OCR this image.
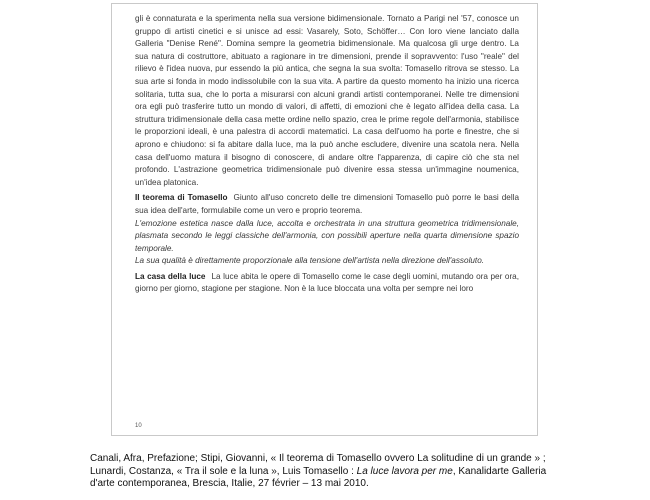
gli è connaturata e la sperimenta nella sua versione bidimensionale. Tornato a Parigi nel '57, conosce un gruppo di artisti cinetici e si unisce ad essi: Vasarely, Soto, Schöffer… Con loro viene lanciato dalla Galleria "Denise René". Domina sempre la geometria bidimensionale. Ma qualcosa gli urge dentro. La sua natura di costruttore, abituato a ragionare in tre dimensioni, prende il sopravvento: l'uso "reale" del rilievo è l'idea nuova, pur essendo la più antica, che segna la sua svolta: Tomasello ritrova se stesso. La sua arte si fonda in modo indissolubile con la sua vita. A partire da questo momento ha inizio una ricerca solitaria, tutta sua, che lo porta a misurarsi con alcuni grandi artisti contemporanei. Nelle tre dimensioni ora egli può trasferire tutto un mondo di valori, di affetti, di emozioni che è legato all'idea della casa. La struttura tridimensionale della casa mette ordine nello spazio, crea le prime regole dell'armonia, stabilisce le proporzioni ideali, è una palestra di accordi matematici. La casa dell'uomo ha porte e finestre, che si aprono e chiudono: si fa abitare dalla luce, ma la può anche escludere, divenire una scatola nera. Nella casa dell'uomo matura il bisogno di conoscere, di andare oltre l'apparenza, di capire ciò che sta nel profondo. L'astrazione geometrica tridimensionale può divenire essa stessa un'immagine noumenica, un'idea platonica.

Il teorema di Tomasello Giunto all'uso concreto delle tre dimensioni Tomasello può porre le basi della sua idea dell'arte, formulabile come un vero e proprio teorema.

L'emozione estetica nasce dalla luce, accolta e orchestrata in una struttura geometrica tridimensionale, plasmata secondo le leggi classiche dell'armonia, con possibili aperture nella quarta dimensione spazio temporale.

La sua qualità è direttamente proporzionale alla tensione dell'artista nella direzione dell'assoluto.

La casa della luce La luce abita le opere di Tomasello come le case degli uomini, mutando ora per ora, giorno per giorno, stagione per stagione. Non è la luce bloccata una volta per sempre nei loro

10
Canali, Afra, Prefazione; Stipi, Giovanni, « Il teorema di Tomasello ovvero La solitudine di un grande » ; Lunardi, Costanza, « Tra il sole e la luna », Luis Tomasello : La luce lavora per me, Kanalidarte Galleria d'arte contemporanea, Brescia, Italie, 27 février – 13 mai 2010.
